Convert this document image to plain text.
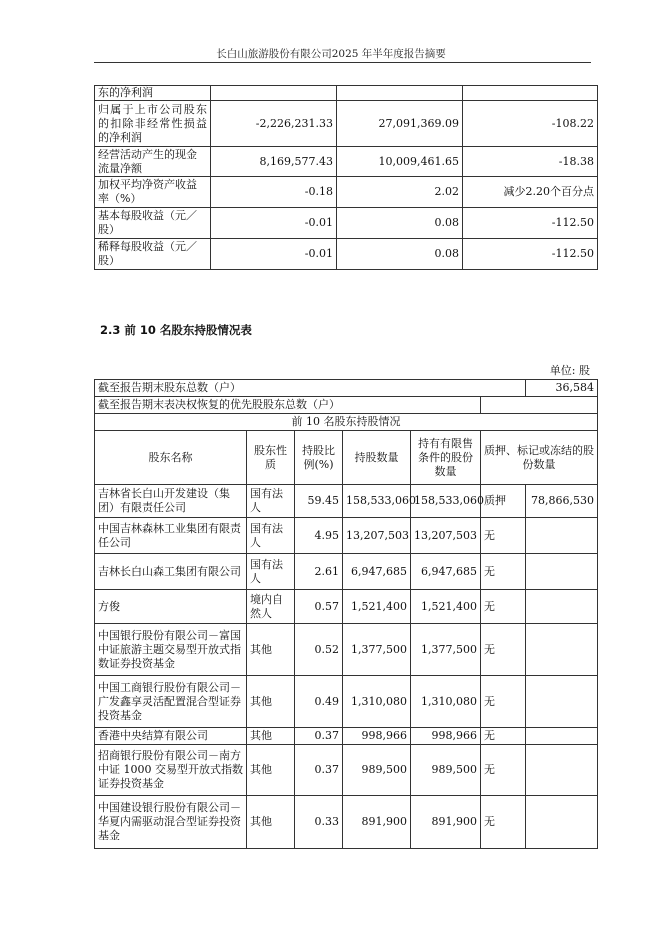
长白山旅游股份有限公司2025 年半年度报告摘要
东的净利润			
归属于上市公司股东的扣除非经常性损益的净利润	-2,226,231.33	27,091,369.09	-108.22
经营活动产生的现金流量净额	8,169,577.43	10,009,461.65	-18.38
加权平均净资产收益率（%）	-0.18	2.02	减少2.20个百分点
基本每股收益（元／股）	-0.01	0.08	-112.50
稀释每股收益（元／股）	-0.01	0.08	-112.50
2.3 前 10 名股东持股情况表
单位: 股
截至报告期末股东总数（户）						36,584
截至报告期末表决权恢复的优先股股东总数（户）						
前 10 名股东持股情况						
股东名称	股东性质	持股比例(%)	持股数量	持有有限售条件的股份数量	质押、标记或冻结的股份数量	
吉林省长白山开发建设（集团）有限责任公司	国有法人	59.45	158,533,060	158,533,060	质押	78,866,530
中国吉林森林工业集团有限责任公司	国有法人	4.95	13,207,503	13,207,503	无	
吉林长白山森工集团有限公司	国有法人	2.61	6,947,685	6,947,685	无	
方俊	境内自然人	0.57	1,521,400	1,521,400	无	
中国银行股份有限公司－富国中证旅游主题交易型开放式指数证券投资基金	其他	0.52	1,377,500	1,377,500	无	
中国工商银行股份有限公司－广发鑫享灵活配置混合型证券投资基金	其他	0.49	1,310,080	1,310,080	无	
香港中央结算有限公司	其他	0.37	998,966	998,966	无	
招商银行股份有限公司－南方中证 1000 交易型开放式指数证券投资基金	其他	0.37	989,500	989,500	无	
中国建设银行股份有限公司－华夏内需驱动混合型证券投资基金	其他	0.33	891,900	891,900	无	
